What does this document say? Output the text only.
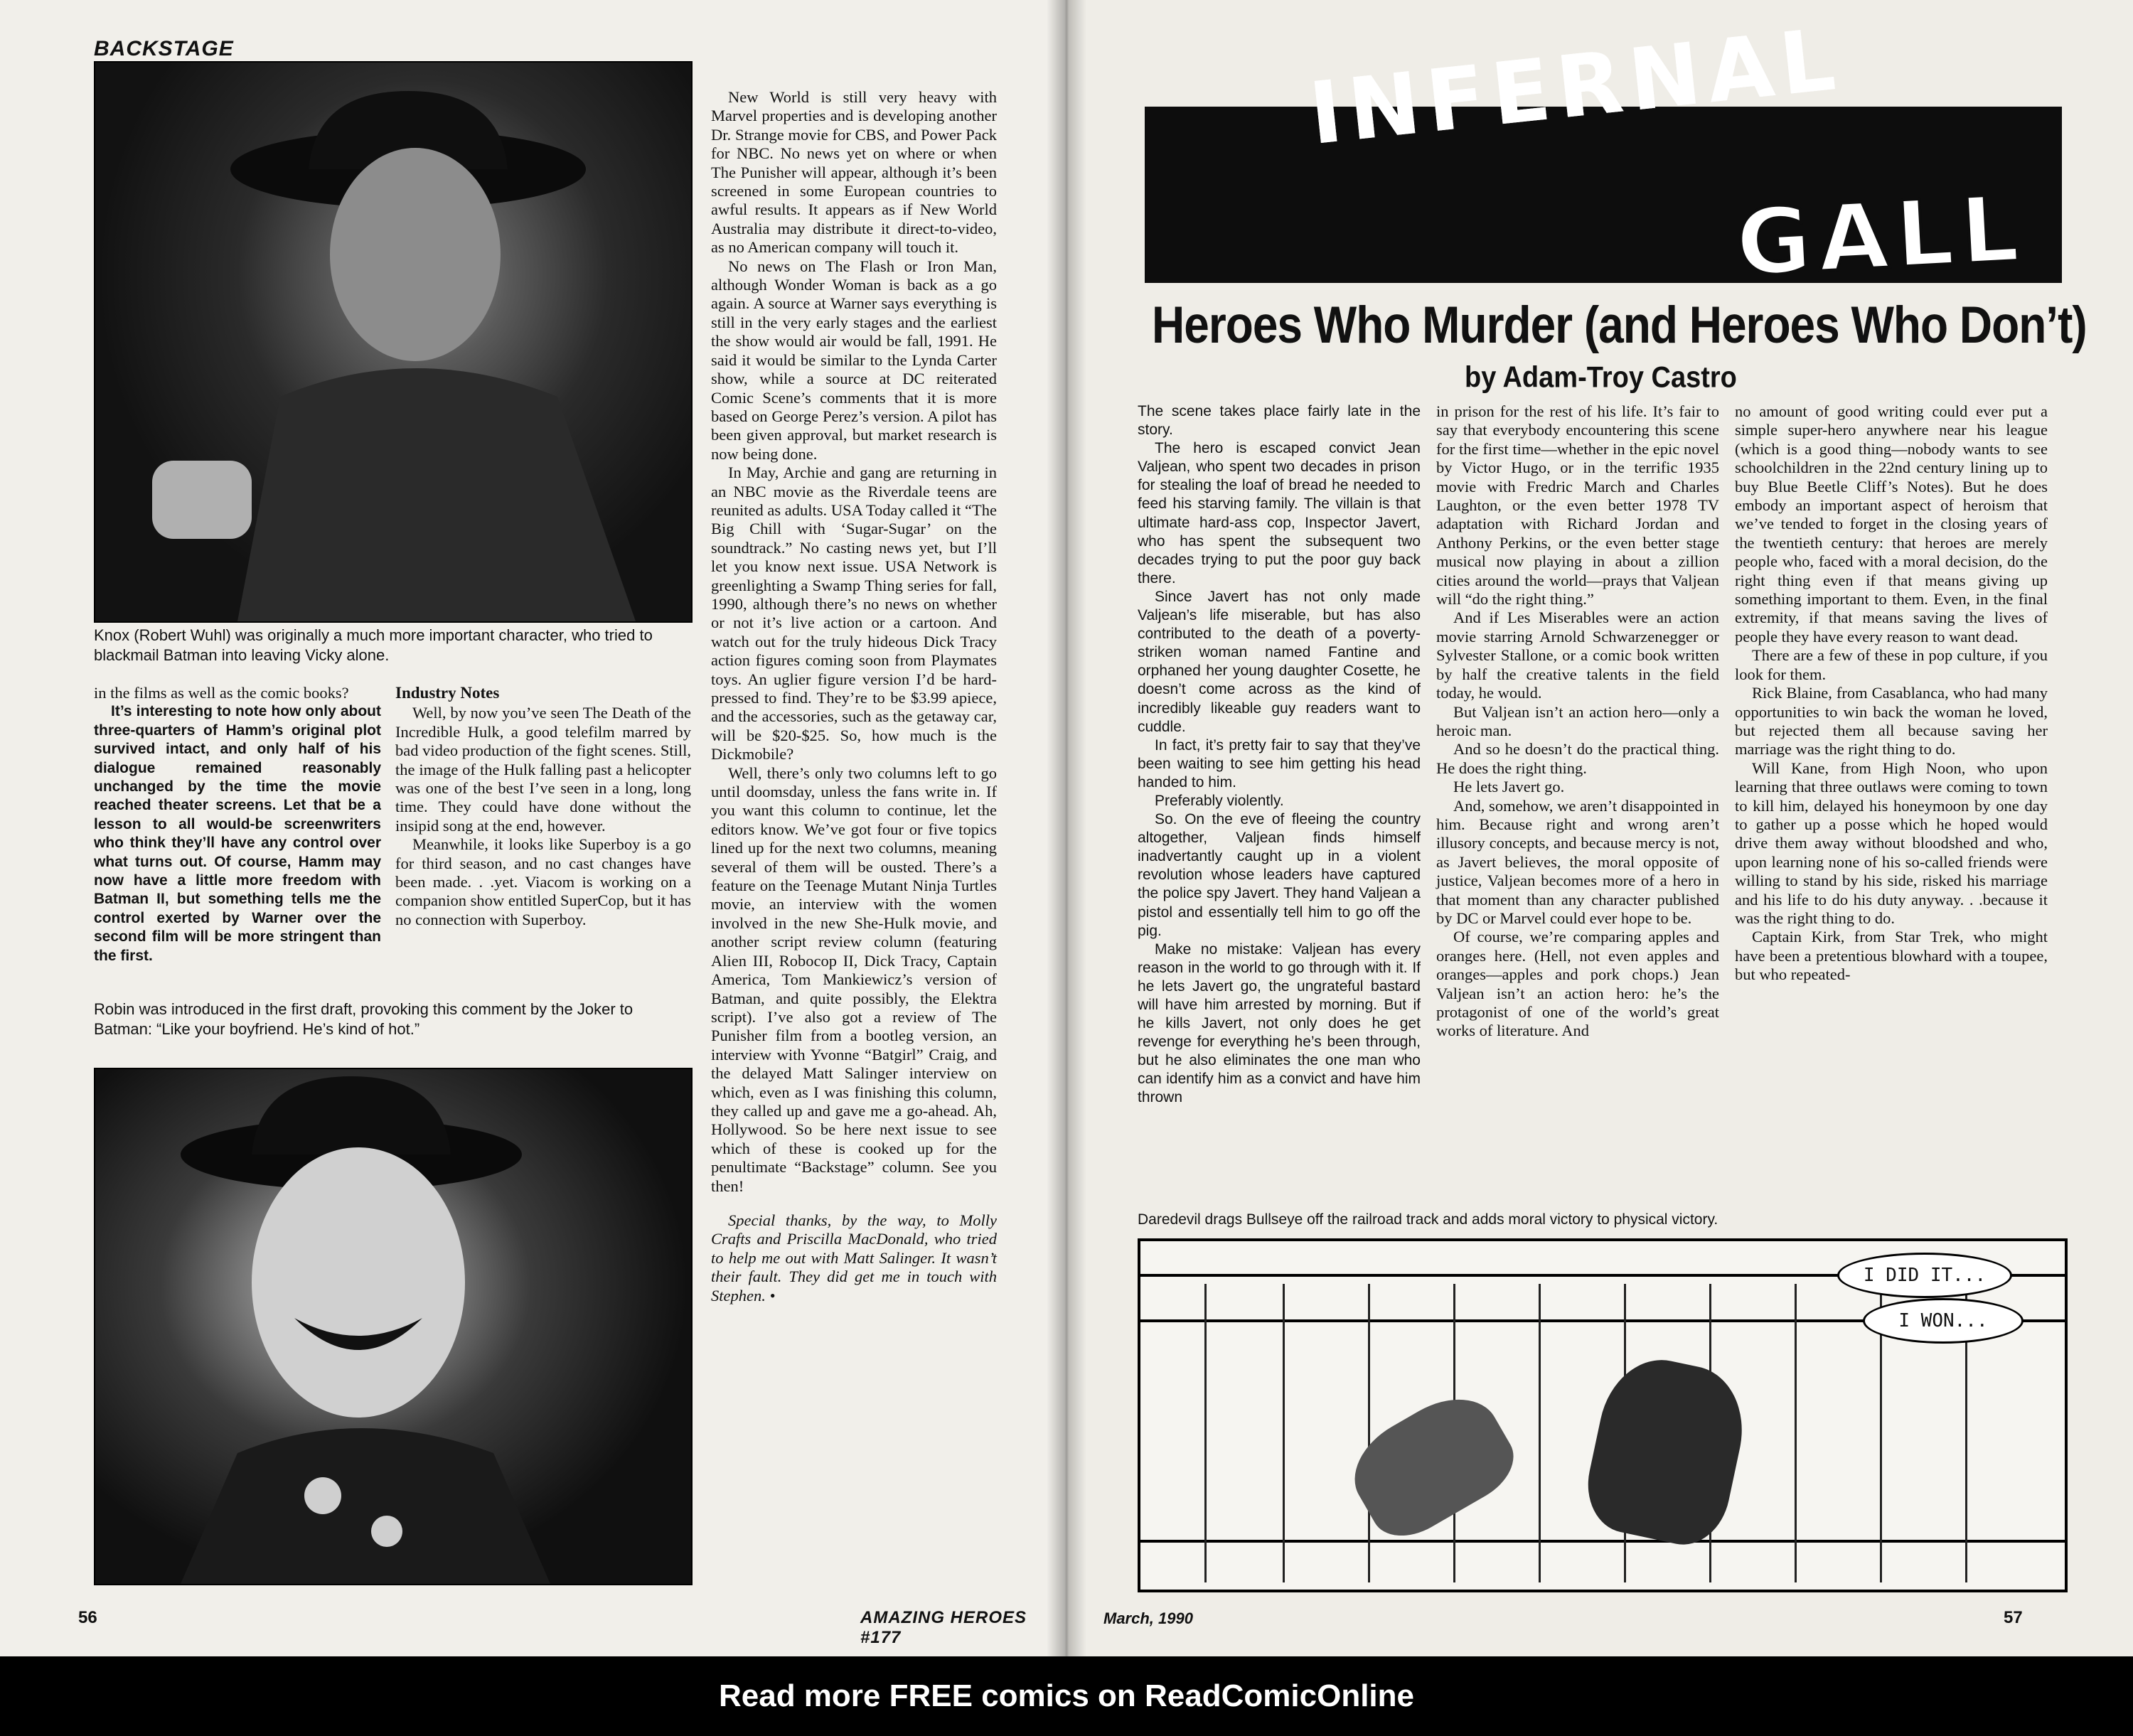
BACKSTAGE
Knox (Robert Wuhl) was originally a much more important character, who tried to blackmail Batman into leaving Vicky alone.

in the films as well as the comic books?

It’s interesting to note how only about three-quarters of Hamm’s original plot survived intact, and only half of his dialogue remained reasonably unchanged by the time the movie reached theater screens. Let that be a lesson to all would-be screenwriters who think they’ll have any control over what turns out. Of course, Hamm may now have a little more freedom with Batman II, but something tells me the control exerted by Warner over the second film will be more stringent than the first.

Industry Notes

Well, by now you’ve seen The Death of the Incredible Hulk, a good telefilm marred by bad video production of the fight scenes. Still, the image of the Hulk falling past a helicopter was one of the best I’ve seen in a long, long time. They could have done without the insipid song at the end, however.

Meanwhile, it looks like Superboy is a go for third season, and no cast changes have been made. . .yet. Viacom is working on a companion show entitled SuperCop, but it has no connection with Superboy.

Robin was introduced in the first draft, provoking this comment by the Joker to Batman: “Like your boyfriend. He’s kind of hot.”

New World is still very heavy with Marvel properties and is developing another Dr. Strange movie for CBS, and Power Pack for NBC. No news yet on where or when The Punisher will appear, although it’s been screened in some European countries to awful results. It appears as if New World Australia may distribute it direct-to-video, as no American company will touch it.

No news on The Flash or Iron Man, although Wonder Woman is back as a go again. A source at Warner says everything is still in the very early stages and the earliest the show would air would be fall, 1991. He said it would be similar to the Lynda Carter show, while a source at DC reiterated Comic Scene’s comments that it is more based on George Perez’s version. A pilot has been given approval, but market research is now being done.

In May, Archie and gang are returning in an NBC movie as the Riverdale teens are reunited as adults. USA Today called it “The Big Chill with ‘Sugar-Sugar’ on the soundtrack.” No casting news yet, but I’ll let you know next issue. USA Network is greenlighting a Swamp Thing series for fall, 1990, although there’s no news on whether or not it’s live action or a cartoon. And watch out for the truly hideous Dick Tracy action figures coming soon from Playmates toys. An uglier figure version I’d be hard-pressed to find. They’re to be $3.99 apiece, and the accessories, such as the getaway car, will be $20-$25. So, how much is the Dickmobile?

Well, there’s only two columns left to go until doomsday, unless the fans write in. If you want this column to continue, let the editors know. We’ve got four or five topics lined up for the next two columns, meaning several of them will be ousted. There’s a feature on the Teenage Mutant Ninja Turtles movie, an interview with the women involved in the new She-Hulk movie, and another script review column (featuring Alien III, Robocop II, Dick Tracy, Captain America, Tom Mankiewicz’s version of Batman, and quite possibly, the Elektra script). I’ve also got a review of The Punisher film from a bootleg version, an interview with Yvonne “Batgirl” Craig, and the delayed Matt Salinger interview on which, even as I was finishing this column, they called up and gave me a go-ahead. Ah, Hollywood. So be here next issue to see which of these is cooked up for the penultimate “Backstage” column. See you then!

Special thanks, by the way, to Molly Crafts and Priscilla MacDonald, who tried to help me out with Matt Salinger. It wasn’t their fault. They did get me in touch with Stephen. •

56	AMAZING HEROES #177
INFERNAL
GALL
Heroes Who Murder (and Heroes Who Don’t)
by Adam-Troy Castro

The scene takes place fairly late in the story.

The hero is escaped convict Jean Valjean, who spent two decades in prison for stealing the loaf of bread he needed to feed his starving family. The villain is that ultimate hard-ass cop, Inspector Javert, who has spent the subsequent two decades trying to put the poor guy back there.

Since Javert has not only made Valjean’s life miserable, but has also contributed to the death of a poverty-striken woman named Fantine and orphaned her young daughter Cosette, he doesn’t come across as the kind of incredibly likeable guy readers want to cuddle.

In fact, it’s pretty fair to say that they’ve been waiting to see him getting his head handed to him.

Preferably violently.

So. On the eve of fleeing the country altogether, Valjean finds himself inadvertantly caught up in a violent revolution whose leaders have captured the police spy Javert. They hand Valjean a pistol and essentially tell him to go off the pig.

Make no mistake: Valjean has every reason in the world to go through with it. If he lets Javert go, the ungrateful bastard will have him arrested by morning. But if he kills Javert, not only does he get revenge for everything he’s been through, but he also eliminates the one man who can identify him as a convict and have him thrown

in prison for the rest of his life. It’s fair to say that everybody encountering this scene for the first time—whether in the epic novel by Victor Hugo, or in the terrific 1935 movie with Fredric March and Charles Laughton, or the even better 1978 TV adaptation with Richard Jordan and Anthony Perkins, or the even better stage musical now playing in about a zillion cities around the world—prays that Valjean will “do the right thing.”

And if Les Miserables were an action movie starring Arnold Schwarzenegger or Sylvester Stallone, or a comic book written by half the creative talents in the field today, he would.

But Valjean isn’t an action hero—only a heroic man.

And so he doesn’t do the practical thing. He does the right thing.

He lets Javert go.

And, somehow, we aren’t disappointed in him. Because right and wrong aren’t illusory concepts, and because mercy is not, as Javert believes, the moral opposite of justice, Valjean becomes more of a hero in that moment than any character published by DC or Marvel could ever hope to be.

Of course, we’re comparing apples and oranges here. (Hell, not even apples and oranges—apples and pork chops.) Jean Valjean isn’t an action hero: he’s the protagonist of one of the world’s great works of literature. And

no amount of good writing could ever put a simple super-hero anywhere near his league (which is a good thing—nobody wants to see schoolchildren in the 22nd century lining up to buy Blue Beetle Cliff’s Notes). But he does embody an important aspect of heroism that we’ve tended to forget in the closing years of the twentieth century: that heroes are merely people who, faced with a moral decision, do the right thing even if that means giving up something important to them. Even, in the final extremity, if that means saving the lives of people they have every reason to want dead.

There are a few of these in pop culture, if you look for them.

Rick Blaine, from Casablanca, who had many opportunities to win back the woman he loved, but rejected them all because saving her marriage was the right thing to do.

Will Kane, from High Noon, who upon learning that three outlaws were coming to town to kill him, delayed his honeymoon by one day to gather up a posse which he hoped would drive them away without bloodshed and who, upon learning none of his so-called friends were willing to stand by his side, risked his marriage and his life to do his duty anyway. . .because it was the right thing to do.

Captain Kirk, from Star Trek, who might have been a pretentious blowhard with a toupee, but who repeated-

Daredevil drags Bullseye off the railroad track and adds moral victory to physical victory.
I DID IT...
I WON...
March, 1990	57
Read more FREE comics on ReadComicOnline
